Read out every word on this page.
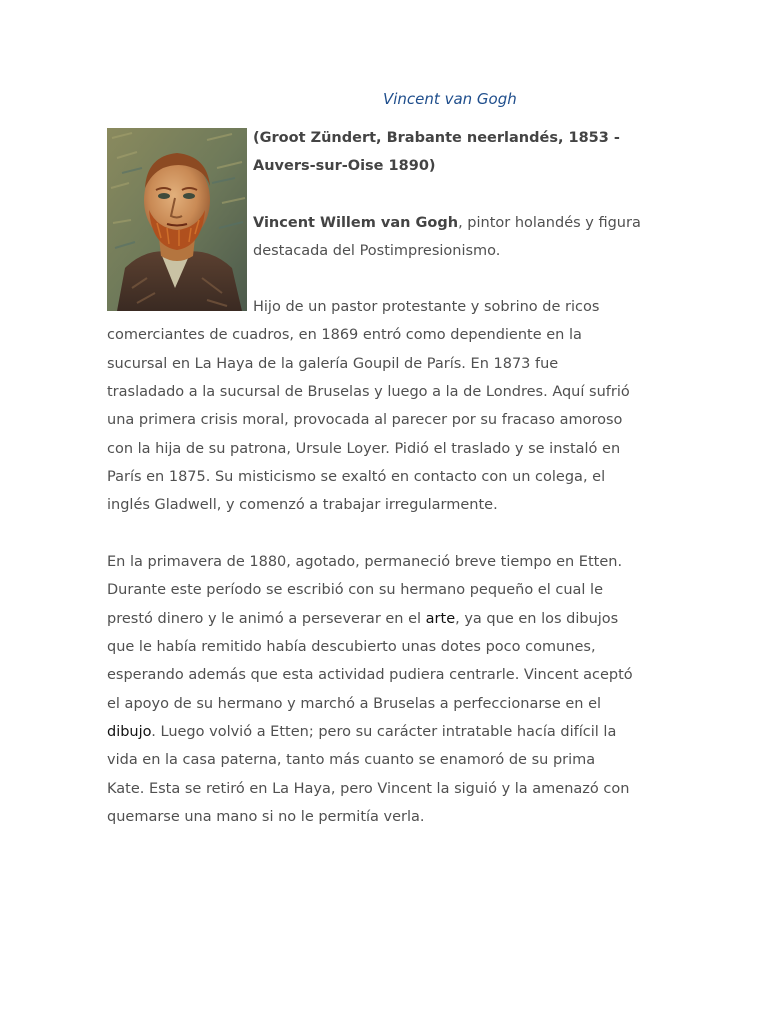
Vincent van Gogh
(Groot Zündert, Brabante neerlandés, 1853 -
Auvers-sur-Oise 1890)
Vincent Willem van Gogh, pintor holandés y figura
destacada del Postimpresionismo.
Hijo de un pastor protestante y sobrino de ricos
comerciantes de cuadros, en 1869 entró como dependiente en la
sucursal en La Haya de la galería Goupil de París. En 1873 fue
trasladado a la sucursal de Bruselas y luego a la de Londres. Aquí sufrió
una primera crisis moral, provocada al parecer por su fracaso amoroso
con la hija de su patrona, Ursule Loyer. Pidió el traslado y se instaló en
París en 1875. Su misticismo se exaltó en contacto con un colega, el
inglés Gladwell, y comenzó a trabajar irregularmente.
En la primavera de 1880, agotado, permaneció breve tiempo en Etten.
Durante este período se escribió con su hermano pequeño el cual le
prestó dinero y le animó a perseverar en el arte, ya que en los dibujos
que le había remitido había descubierto unas dotes poco comunes,
esperando además que esta actividad pudiera centrarle. Vincent aceptó
el apoyo de su hermano y marchó a Bruselas a perfeccionarse en el
dibujo. Luego volvió a Etten; pero su carácter intratable hacía difícil la
vida en la casa paterna, tanto más cuanto se enamoró de su prima
Kate. Esta se retiró en La Haya, pero Vincent la siguió y la amenazó con
quemarse una mano si no le permitía verla.
